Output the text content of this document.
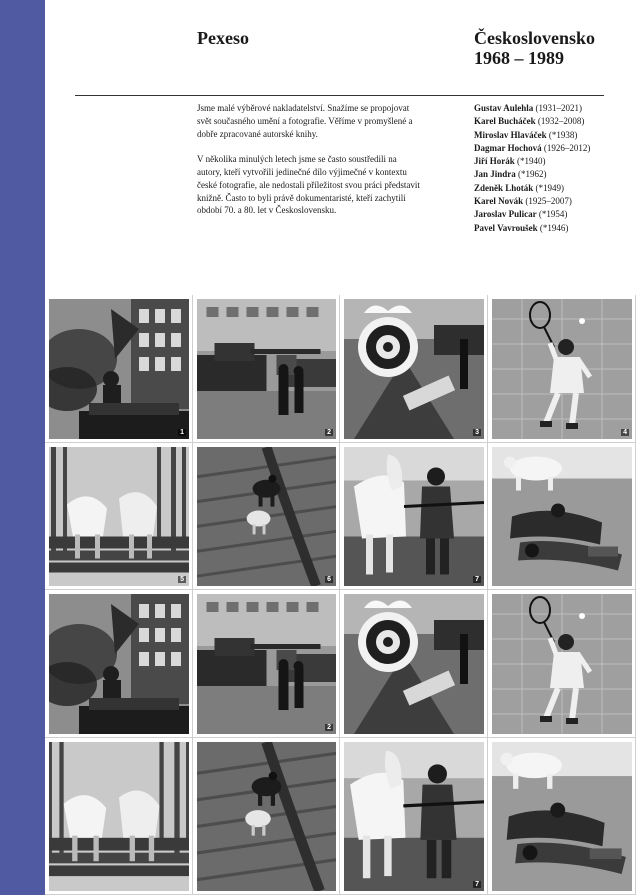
Pexeso	Československo
1968 – 1989

Jsme malé výběrové nakladatelství. Snažíme se propojovat svět současného umění a fotografie. Věříme v promyšlené a dobře zpracované autorské knihy.

V několika minulých letech jsme se často soustředili na autory, kteří vytvořili jedinečné dílo výjimečné v kontextu české fotografie, ale nedostali příležitost svou práci představit knižně. Často to byli právě dokumentaristé, kteří zachytili období 70. a 80. let v Československu.

Gustav Aulehla (1931–2021)
Karel Bucháček (1932–2008)
Miroslav Hlaváček (*1938)
Dagmar Hochová (1926–2012)
Jiří Horák (*1940)
Jan Jindra (*1962)
Zdeněk Lhoták (*1949)
Karel Novák (1925–2007)
Jaroslav Pulicar (*1954)
Pavel Vavroušek (*1946)
1	2	3	4
5	6	7
2
7
